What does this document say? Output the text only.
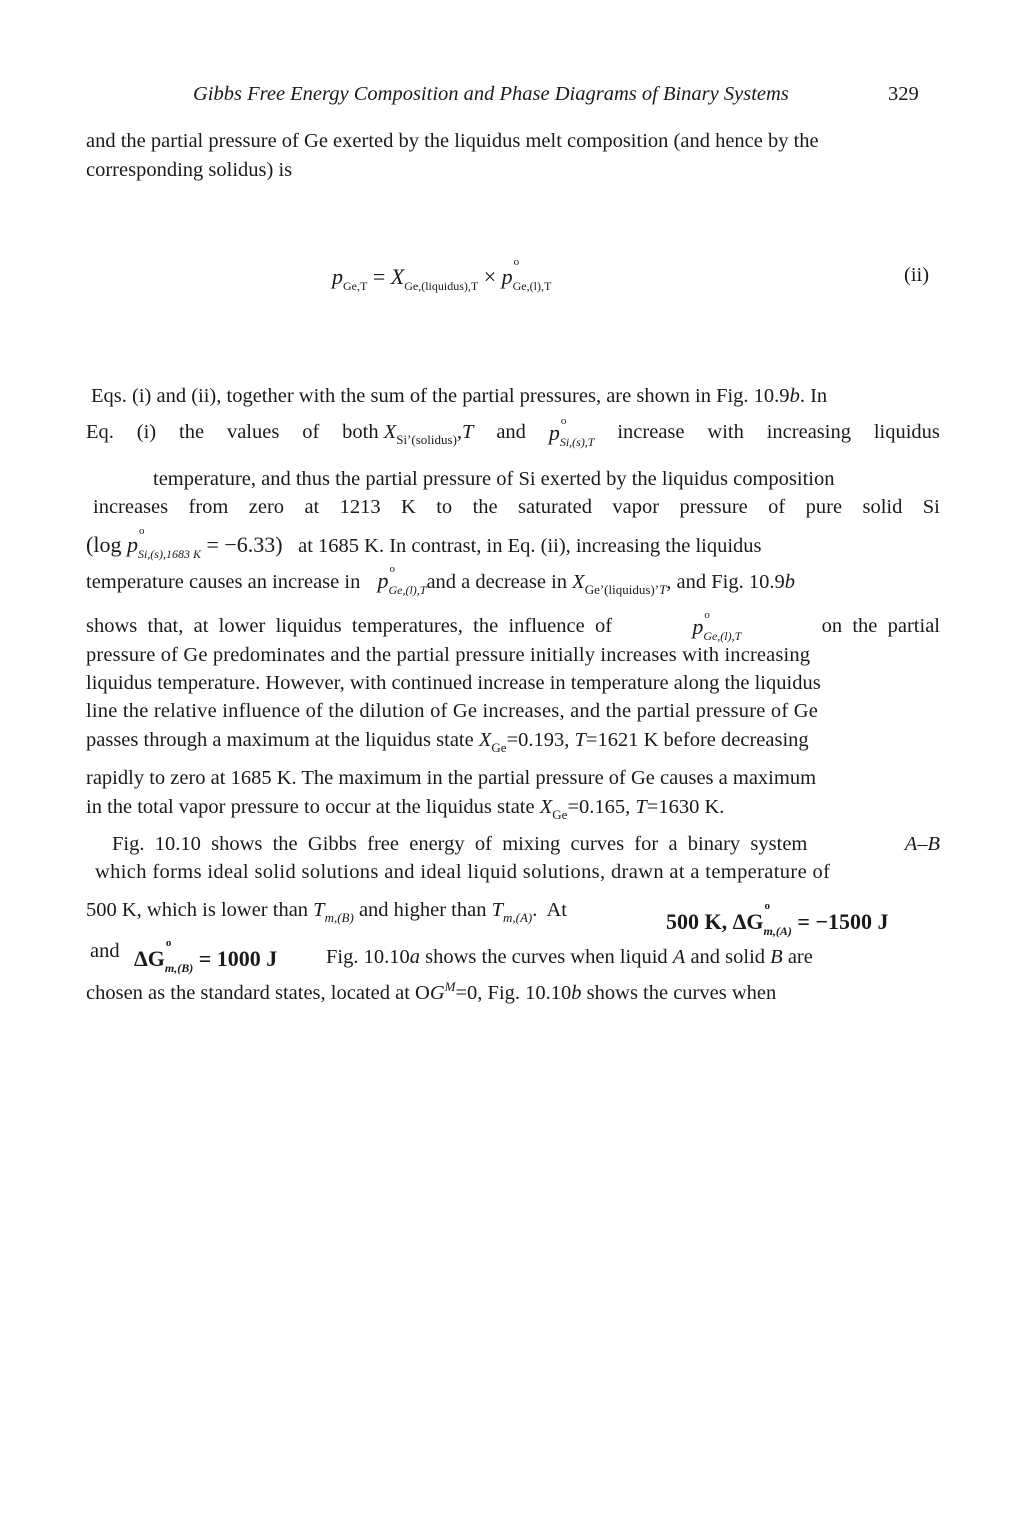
Gibbs Free Energy Composition and Phase Diagrams of Binary Systems	329
and the partial pressure of Ge exerted by the liquidus melt composition (and hence by the
corresponding solidus) is
$p_{Ge,T} = X_{Ge,(liquidus),T} \times p$
o
$_{Ge,(l),T}$	(ii)
Eqs. (i) and (ii), together with the sum of the partial pressures, are shown in Fig. 10.9b. In
Eq. (i) the values of both $X_{Si’(solidus)},T$ and p o
$_{Si,(s),T}$ increase with increasing liquidus
temperature, and thus the partial pressure of Si exerted by the liquidus composition
increases from zero at 1213 K to the saturated vapor pressure of pure solid Si
(log p
o
$_{Si,(s),1683 K}$ = −6.33) at 1685 K. In contrast, in Eq. (ii), increasing the liquidus
temperature causes an increase in p o
$_{Ge,(l),T}$and a decrease in $X_{Ge’(liquidus)’T}$, and Fig. 10.9b
shows  that,  at  lower  liquidus  temperatures,  the  influence  of	p o
$_{Ge,(l),T}$	on  the  partial
pressure of Ge predominates and the partial pressure initially increases with increasing
liquidus temperature. However, with continued increase in temperature along the liquidus
line the relative influence of the dilution of Ge increases, and the partial pressure of Ge
passes through a maximum at the liquidus state $X_{Ge}=0.193$, T=1621 K before decreasing
rapidly to zero at 1685 K. The maximum in the partial pressure of Ge causes a maximum
in the total vapor pressure to occur at the liquidus state $X_{Ge}=0.165$, T=1630 K.
Fig.  10.10  shows  the  Gibbs  free  energy  of  mixing  curves  for  a  binary  system	A–B
which forms ideal solid solutions and ideal liquid solutions, drawn at a temperature of
500 K, which is lower than $T_{m,(B)}$ and higher than $T_{m,(A)}$.  At	500 K, ΔG
o
$_{m,(A)}$ = −1500 J
and ΔG
o
$_{m,(B)}$ = 1000 J Fig. 10.10a shows the curves when liquid A and solid B are
chosen as the standard states, located at $OG^M=0$, Fig. 10.10b shows the curves when
